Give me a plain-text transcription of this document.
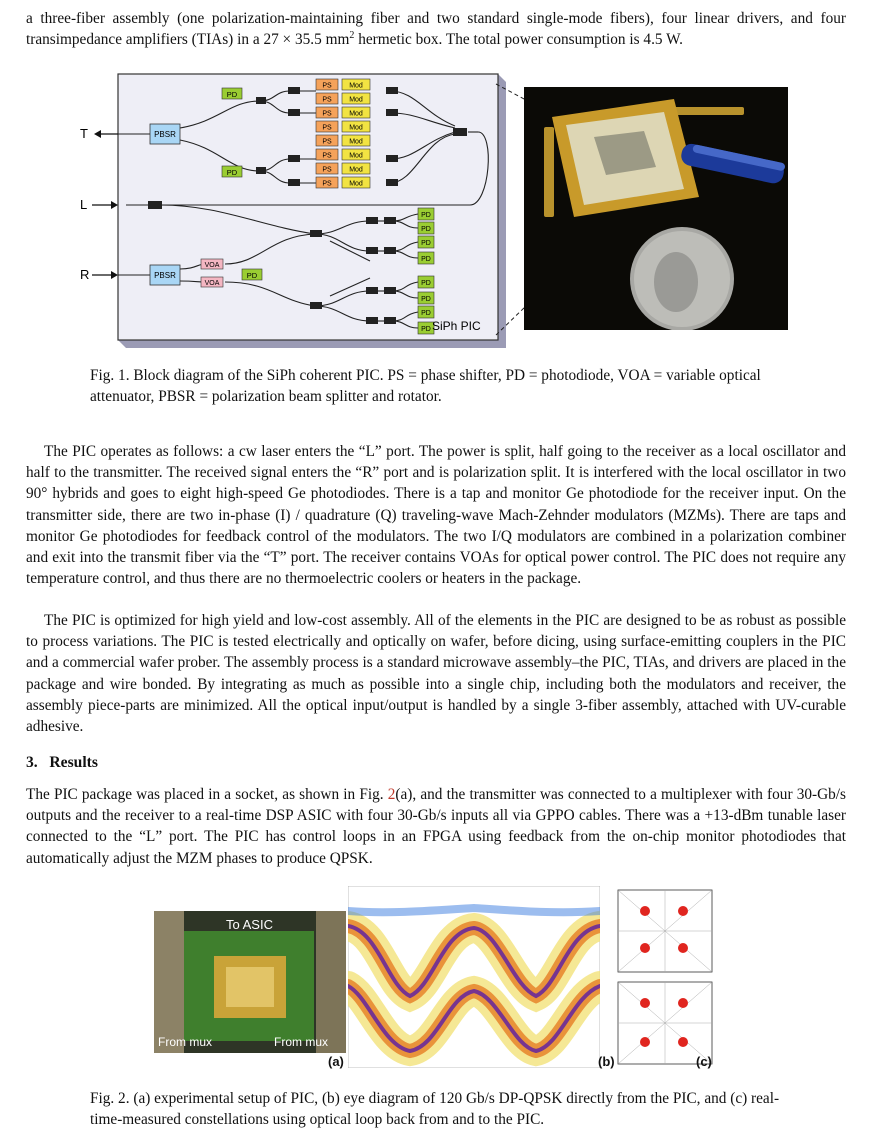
a three-fiber assembly (one polarization-maintaining fiber and two standard single-mode fibers), four linear drivers, and four transimpedance amplifiers (TIAs) in a 27 × 35.5 $mm^2$ hermetic box. The total power consumption is 4.5 W.

T
L
R
PBSR
PBSR
PD
PD
PS	Mod
PS	Mod
PS	Mod
PS	Mod
PS	Mod
PS	Mod
PS	Mod
PS	Mod
VOA
VOA
PD
PD
PD
PD
PD
PD
PD
PD
PD SiPh PIC

Fig. 1. Block diagram of the SiPh coherent PIC. PS = phase shifter, PD = photodiode, VOA = variable optical attenuator, PBSR = polarization beam splitter and rotator.

The PIC operates as follows: a cw laser enters the “L” port. The power is split, half going to the receiver as a local oscillator and half to the transmitter. The received signal enters the “R” port and is polarization split. It is interfered with the local oscillator in two 90° hybrids and goes to eight high-speed Ge photodiodes. There is a tap and monitor Ge photodiode for the receiver input. On the transmitter side, there are two in-phase (I) / quadrature (Q) traveling-wave Mach-Zehnder modulators (MZMs). There are taps and monitor Ge photodiodes for feedback control of the modulators. The two I/Q modulators are combined in a polarization combiner and exit into the transmit fiber via the “T” port. The receiver contains VOAs for optical power control. The PIC does not require any temperature control, and thus there are no thermoelectric coolers or heaters in the package.

The PIC is optimized for high yield and low-cost assembly. All of the elements in the PIC are designed to be as robust as possible to process variations. The PIC is tested electrically and optically on wafer, before dicing, using surface-emitting couplers in the PIC and a commercial wafer prober. The assembly process is a standard microwave assembly–the PIC, TIAs, and drivers are placed in the package and wire bonded. By integrating as much as possible into a single chip, including both the modulators and receiver, the assembly piece-parts are minimized. All the optical input/output is handled by a single 3-fiber assembly, attached with UV-curable adhesive.

3. Results

The PIC package was placed in a socket, as shown in Fig. 2(a), and the transmitter was connected to a multiplexer with four 30-Gb/s outputs and the receiver to a real-time DSP ASIC with four 30-Gb/s inputs all via GPPO cables. There was a +13-dBm tunable laser connected to the “L” port. The PIC has control loops in an FPGA using feedback from the on-chip monitor photodiodes that automatically adjust the MZM phases to produce QPSK.

To ASIC
From mux	From mux
(a)	(b)	(c)

Fig. 2. (a) experimental setup of PIC, (b) eye diagram of 120 Gb/s DP-QPSK directly from the PIC, and (c) real-time-measured constellations using optical loop back from and to the PIC.
